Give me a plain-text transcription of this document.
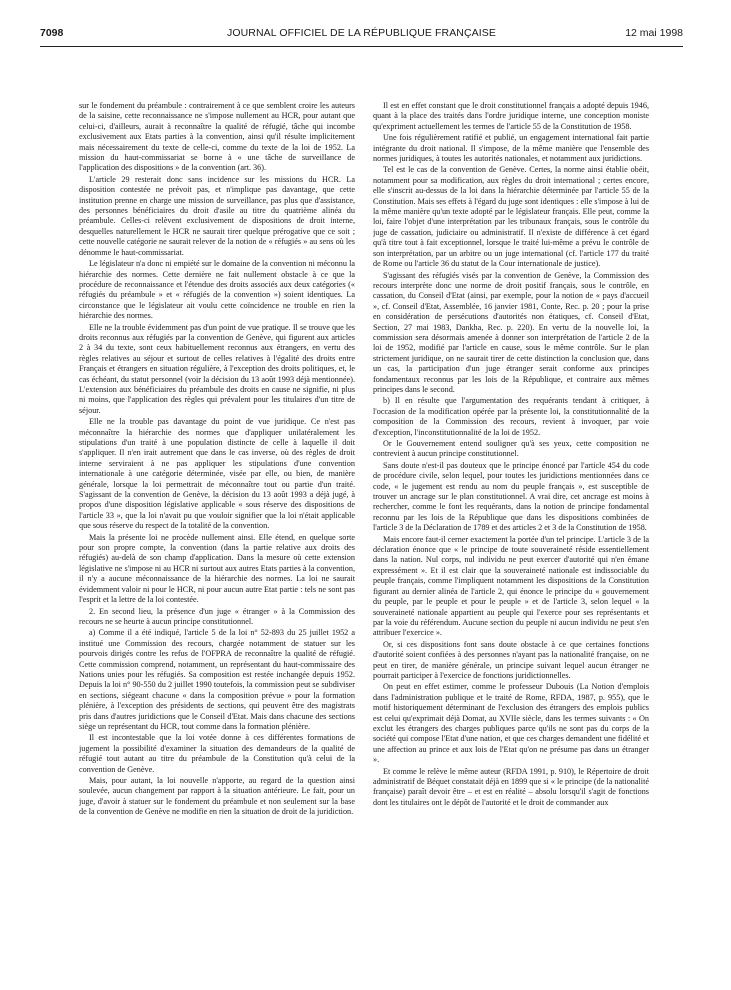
7098	JOURNAL OFFICIEL DE LA RÉPUBLIQUE FRANÇAISE	12 mai 1998

sur le fondement du préambule : contrairement à ce que semblent croire les auteurs de la saisine, cette reconnaissance ne s'impose nullement au HCR, pour autant que celui-ci, d'ailleurs, aurait à reconnaître la qualité de réfugié, tâche qui incombe exclusivement aux Etats parties à la convention, ainsi qu'il résulte implicitement mais nécessairement du texte de celle-ci, comme du texte de la loi de 1952. La mission du haut-commissariat se borne à « une tâche de surveillance de l'application des dispositions » de la convention (art. 36).

L'article 29 resterait donc sans incidence sur les missions du HCR. La disposition contestée ne prévoit pas, et n'implique pas davantage, que cette institution prenne en charge une mission de surveillance, pas plus que d'assistance, des personnes bénéficiaires du droit d'asile au titre du quatrième alinéa du préambule. Celles-ci relèvent exclusivement de dispositions de droit interne, desquelles naturellement le HCR ne saurait tirer quelque prérogative que ce soit ; cette nouvelle catégorie ne saurait relever de la notion de « réfugiés » au sens où les dénomme le haut-commissariat.

Le législateur n'a donc ni empiété sur le domaine de la convention ni méconnu la hiérarchie des normes. Cette dernière ne fait nullement obstacle à ce que la procédure de reconnaissance et l'étendue des droits associés aux deux catégories (« réfugiés du préambule » et « réfugiés de la convention ») soient identiques. La circonstance que le législateur ait voulu cette coïncidence ne trouble en rien la hiérarchie des normes.

Elle ne la trouble évidemment pas d'un point de vue pratique. Il se trouve que les droits reconnus aux réfugiés par la convention de Genève, qui figurent aux articles 2 à 34 du texte, sont ceux habituellement reconnus aux étrangers, en vertu des règles relatives au séjour et surtout de celles relatives à l'égalité des droits entre Français et étrangers en situation régulière, à l'exception des droits politiques, et, le cas échéant, du statut personnel (voir la décision du 13 août 1993 déjà mentionnée). L'extension aux bénéficiaires du préambule des droits en cause ne signifie, ni plus ni moins, que l'application des règles qui prévalent pour les titulaires d'un titre de séjour.

Elle ne la trouble pas davantage du point de vue juridique. Ce n'est pas méconnaître la hiérarchie des normes que d'appliquer unilatéralement les stipulations d'un traité à une population distincte de celle à laquelle il doit s'appliquer. Il n'en irait autrement que dans le cas inverse, où des règles de droit interne serviraient à ne pas appliquer les stipulations d'une convention internationale à une catégorie déterminée, visée par elle, ou bien, de manière générale, lorsque la loi permettrait de méconnaître tout ou partie d'un traité. S'agissant de la convention de Genève, la décision du 13 août 1993 a déjà jugé, à propos d'une disposition législative applicable « sous réserve des dispositions de l'article 33 », que la loi n'avait pu que vouloir signifier que la loi n'était applicable que sous réserve du respect de la totalité de la convention.

Mais la présente loi ne procède nullement ainsi. Elle étend, en quelque sorte pour son propre compte, la convention (dans la partie relative aux droits des réfugiés) au-delà de son champ d'application. Dans la mesure où cette extension législative ne s'impose ni au HCR ni surtout aux autres Etats parties à la convention, il n'y a aucune méconnaissance de la hiérarchie des normes. La loi ne saurait évidemment valoir ni pour le HCR, ni pour aucun autre Etat partie : tels ne sont pas l'esprit et la lettre de la loi contestée.

2. En second lieu, la présence d'un juge « étranger » à la Commission des recours ne se heurte à aucun principe constitutionnel.

a) Comme il a été indiqué, l'article 5 de la loi n° 52-893 du 25 juillet 1952 a institué une Commission des recours, chargée notamment de statuer sur les pourvois dirigés contre les refus de l'OFPRA de reconnaître la qualité de réfugié. Cette commission comprend, notamment, un représentant du haut-commissaire des Nations unies pour les réfugiés. Sa composition est restée inchangée depuis 1952. Depuis la loi n° 90-550 du 2 juillet 1990 toutefois, la commission peut se subdiviser en sections, siégeant chacune « dans la composition prévue » pour la formation plénière, à l'exception des présidents de sections, qui peuvent être des magistrats pris dans d'autres juridictions que le Conseil d'Etat. Mais dans chacune des sections siège un représentant du HCR, tout comme dans la formation plénière.

Il est incontestable que la loi votée donne à ces différentes formations de jugement la possibilité d'examiner la situation des demandeurs de la qualité de réfugié tout autant au titre du préambule de la Constitution qu'à celui de la convention de Genève.

Mais, pour autant, la loi nouvelle n'apporte, au regard de la question ainsi soulevée, aucun changement par rapport à la situation antérieure. Le fait, pour un juge, d'avoir à statuer sur le fondement du préambule et non seulement sur la base de la convention de Genève ne modifie en rien la situation de droit de la juridiction.

Il est en effet constant que le droit constitutionnel français a adopté depuis 1946, quant à la place des traités dans l'ordre juridique interne, une conception moniste qu'expriment actuellement les termes de l'article 55 de la Constitution de 1958.

Une fois régulièrement ratifié et publié, un engagement international fait partie intégrante du droit national. Il s'impose, de la même manière que l'ensemble des normes juridiques, à toutes les autorités nationales, et notamment aux juridictions.

Tel est le cas de la convention de Genève. Certes, la norme ainsi établie obéit, notamment pour sa modification, aux règles du droit international ; certes encore, elle s'inscrit au-dessus de la loi dans la hiérarchie déterminée par l'article 55 de la Constitution. Mais ses effets à l'égard du juge sont identiques : elle s'impose à lui de la même manière qu'un texte adopté par le législateur français. Elle peut, comme la loi, faire l'objet d'une interprétation par les tribunaux français, sous le contrôle du juge de cassation, judiciaire ou administratif. Il n'existe de différence à cet égard qu'à titre tout à fait exceptionnel, lorsque le traité lui-même a prévu le contrôle de son interprétation, par un arbitre ou un juge international (cf. l'article 177 du traité de Rome ou l'article 36 du statut de la Cour internationale de justice).

S'agissant des réfugiés visés par la convention de Genève, la Commission des recours interprète donc une norme de droit positif français, sous le contrôle, en cassation, du Conseil d'Etat (ainsi, par exemple, pour la notion de « pays d'accueil », cf. Conseil d'Etat, Assemblée, 16 janvier 1981, Conte, Rec. p. 20 ; pour la prise en considération de persécutions d'autorités non étatiques, cf. Conseil d'Etat, Section, 27 mai 1983, Dankha, Rec. p. 220). En vertu de la nouvelle loi, la commission sera désormais amenée à donner son interprétation de l'article 2 de la loi de 1952, modifié par l'article en cause, sous le même contrôle. Sur le plan strictement juridique, on ne saurait tirer de cette distinction la conclusion que, dans un cas, la participation d'un juge étranger serait conforme aux principes fondamentaux reconnus par les lois de la République, et contraire aux mêmes principes dans le second.

b) Il en résulte que l'argumentation des requérants tendant à critiquer, à l'occasion de la modification opérée par la présente loi, la constitutionnalité de la composition de la Commission des recours, revient à invoquer, par voie d'exception, l'inconstitutionnalité de la loi de 1952.

Or le Gouvernement entend souligner qu'à ses yeux, cette composition ne contrevient à aucun principe constitutionnel.

Sans doute n'est-il pas douteux que le principe énoncé par l'article 454 du code de procédure civile, selon lequel, pour toutes les juridictions mentionnées dans ce code, « le jugement est rendu au nom du peuple français », est susceptible de trouver un ancrage sur le plan constitutionnel. A vrai dire, cet ancrage est moins à rechercher, comme le font les requérants, dans la notion de principe fondamental reconnu par les lois de la République que dans les dispositions combinées de l'article 3 de la Déclaration de 1789 et des articles 2 et 3 de la Constitution de 1958.

Mais encore faut-il cerner exactement la portée d'un tel principe. L'article 3 de la déclaration énonce que « le principe de toute souveraineté réside essentiellement dans la nation. Nul corps, nul individu ne peut exercer d'autorité qui n'en émane expressément ». Et il est clair que la souveraineté nationale est indissociable du peuple français, comme l'impliquent notamment les dispositions de la Constitution figurant au dernier alinéa de l'article 2, qui énonce le principe du « gouvernement du peuple, par le peuple et pour le peuple » et de l'article 3, selon lequel « la souveraineté nationale appartient au peuple qui l'exerce pour ses représentants et par la voie du référendum. Aucune section du peuple ni aucun individu ne peut s'en attribuer l'exercice ».

Or, si ces dispositions font sans doute obstacle à ce que certaines fonctions d'autorité soient confiées à des personnes n'ayant pas la nationalité française, on ne peut en tirer, de manière générale, un principe suivant lequel aucun étranger ne pourrait participer à l'exercice de fonctions juridictionnelles.

On peut en effet estimer, comme le professeur Dubouis (La Notion d'emplois dans l'administration publique et le traité de Rome, RFDA, 1987, p. 955), que le motif historiquement déterminant de l'exclusion des étrangers des emplois publics est celui qu'exprimait déjà Domat, au XVIIe siècle, dans les termes suivants : « On exclut les étrangers des charges publiques parce qu'ils ne sont pas du corps de la société qui compose l'Etat d'une nation, et que ces charges demandent une fidélité et une affection au prince et aux lois de l'Etat qu'on ne présume pas dans un étranger ».

Et comme le relève le même auteur (RFDA 1991, p. 910), le Répertoire de droit administratif de Béquet constatait déjà en 1899 que si « le principe (de la nationalité française) paraît devoir être – et est en réalité – absolu lorsqu'il s'agit de fonctions dont les titulaires ont le dépôt de l'autorité et le droit de commander aux
